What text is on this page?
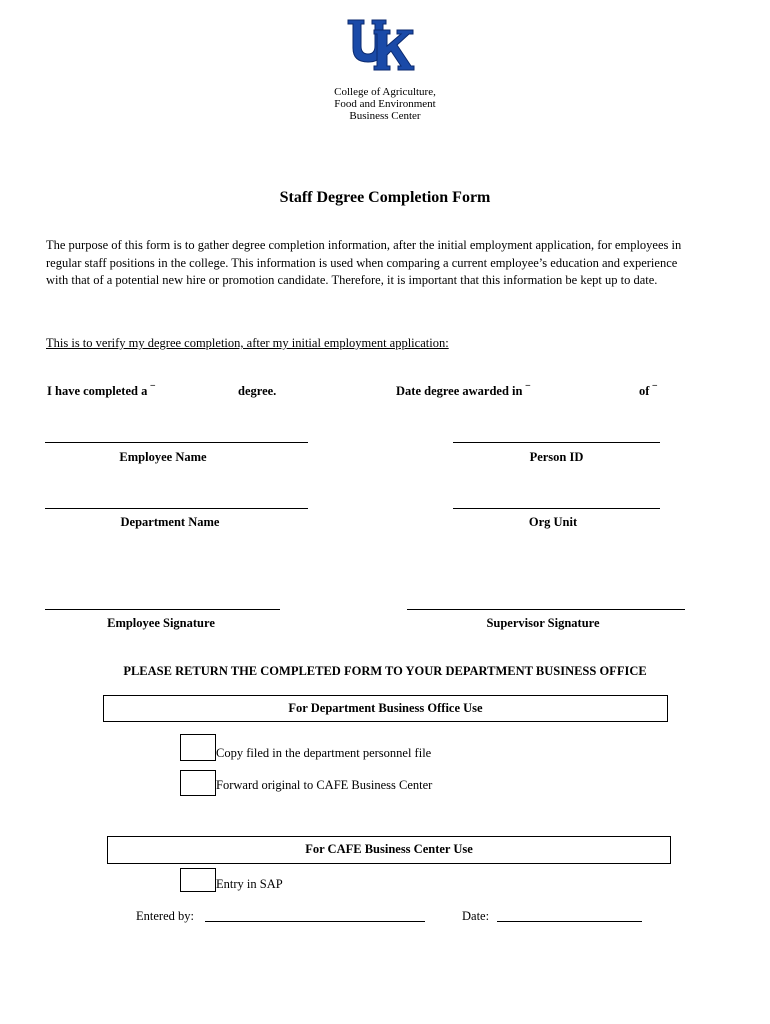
College of Agriculture,
Food and Environment
Business Center
Staff Degree Completion Form
The purpose of this form is to gather degree completion information, after the initial employment application, for employees in regular staff positions in the college. This information is used when comparing a current employee’s education and experience with that of a potential new hire or promotion candidate. Therefore, it is important that this information be kept up to date.
This is to verify my degree completion, after my initial employment application:
I have completed a ¯	degree.	Date degree awarded in ¯	of ¯
Employee Name	Person ID
Department Name	Org Unit
Employee Signature	Supervisor Signature
PLEASE RETURN THE COMPLETED FORM TO YOUR DEPARTMENT BUSINESS OFFICE
For Department Business Office Use
Copy filed in the department personnel file
Forward original to CAFE Business Center
For CAFE Business Center Use
Entry in SAP
Entered by:	Date:
